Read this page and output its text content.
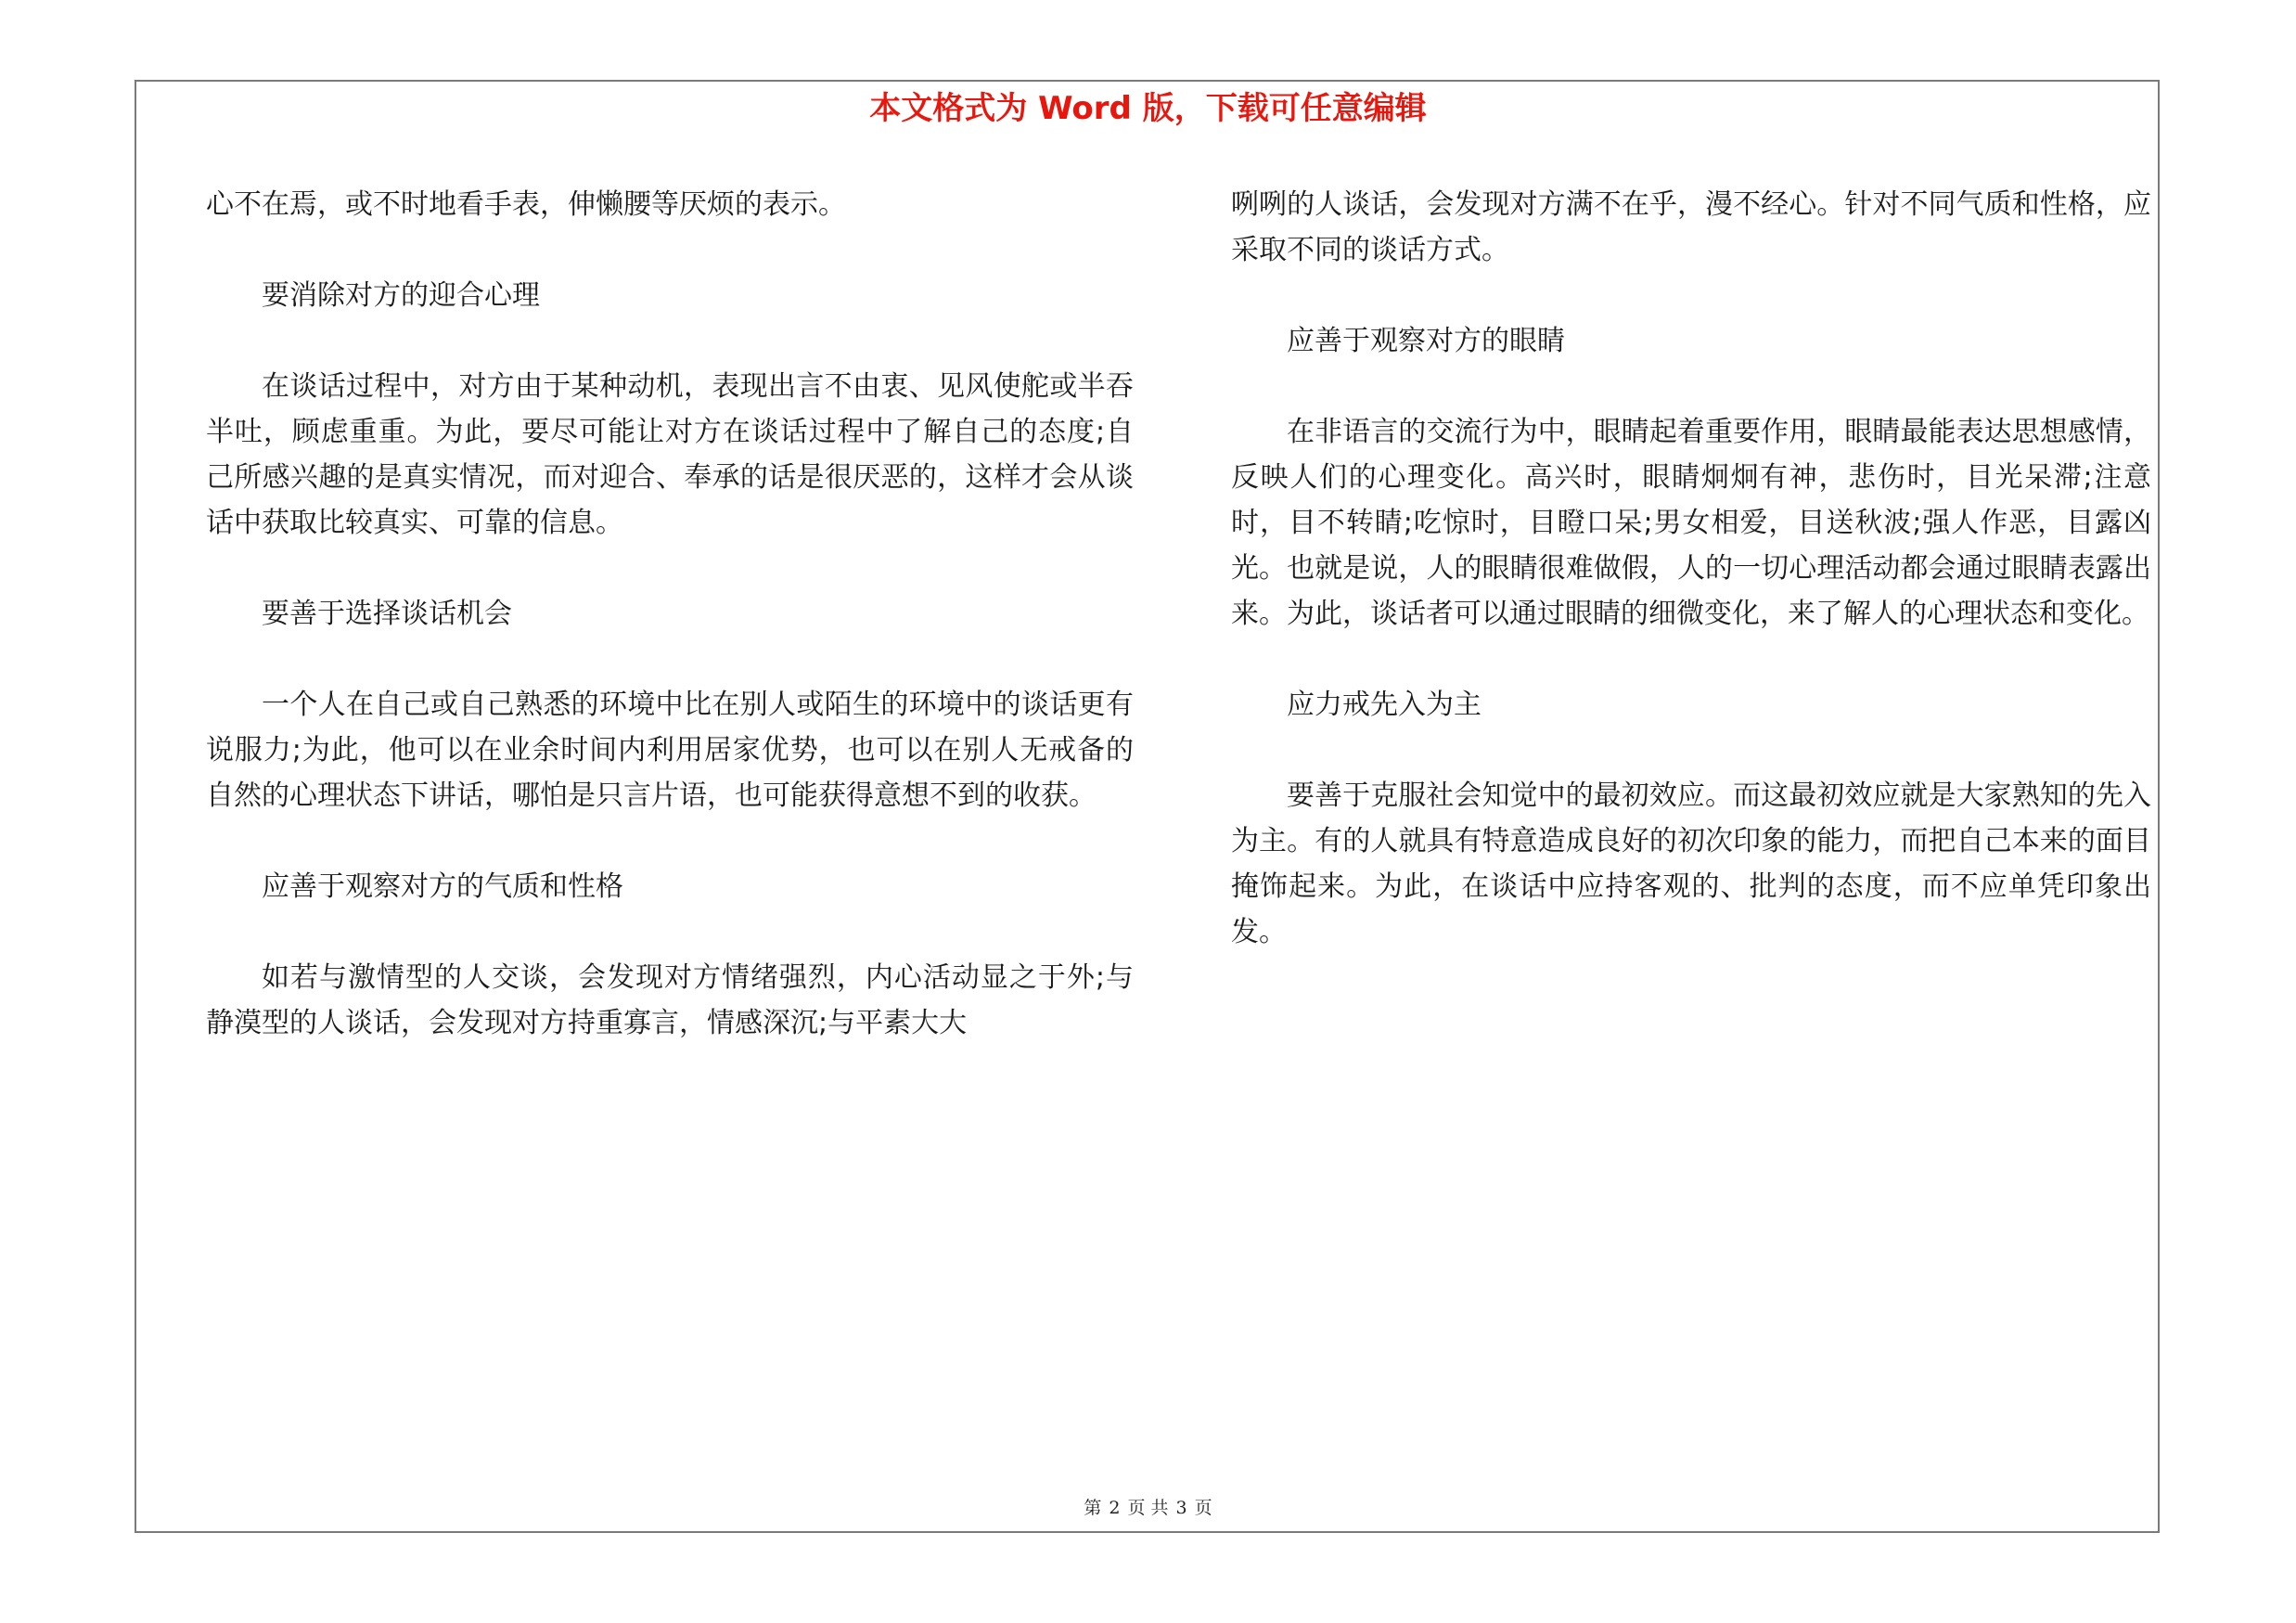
本文格式为 Word 版，下载可任意编辑

心不在焉，或不时地看手表，伸懒腰等厌烦的表示。

要消除对方的迎合心理

在谈话过程中，对方由于某种动机，表现出言不由衷、见风使舵或半吞半吐，顾虑重重。为此，要尽可能让对方在谈话过程中了解自己的态度;自己所感兴趣的是真实情况，而对迎合、奉承的话是很厌恶的，这样才会从谈话中获取比较真实、可靠的信息。

要善于选择谈话机会

一个人在自己或自己熟悉的环境中比在别人或陌生的环境中的谈话更有说服力;为此，他可以在业余时间内利用居家优势，也可以在别人无戒备的自然的心理状态下讲话，哪怕是只言片语，也可能获得意想不到的收获。

应善于观察对方的气质和性格

如若与激情型的人交谈，会发现对方情绪强烈，内心活动显之于外;与静漠型的人谈话，会发现对方持重寡言，情感深沉;与平素大大

咧咧的人谈话，会发现对方满不在乎，漫不经心。针对不同气质和性格，应采取不同的谈话方式。

应善于观察对方的眼睛

在非语言的交流行为中，眼睛起着重要作用，眼睛最能表达思想感情，反映人们的心理变化。高兴时，眼睛炯炯有神，悲伤时，目光呆滞;注意时，目不转睛;吃惊时，目瞪口呆;男女相爱，目送秋波;强人作恶，目露凶光。也就是说，人的眼睛很难做假，人的一切心理活动都会通过眼睛表露出来。为此，谈话者可以通过眼睛的细微变化，来了解人的心理状态和变化。

应力戒先入为主

要善于克服社会知觉中的最初效应。而这最初效应就是大家熟知的先入为主。有的人就具有特意造成良好的初次印象的能力，而把自己本来的面目掩饰起来。为此，在谈话中应持客观的、批判的态度，而不应单凭印象出发。

第 2 页 共 3 页
